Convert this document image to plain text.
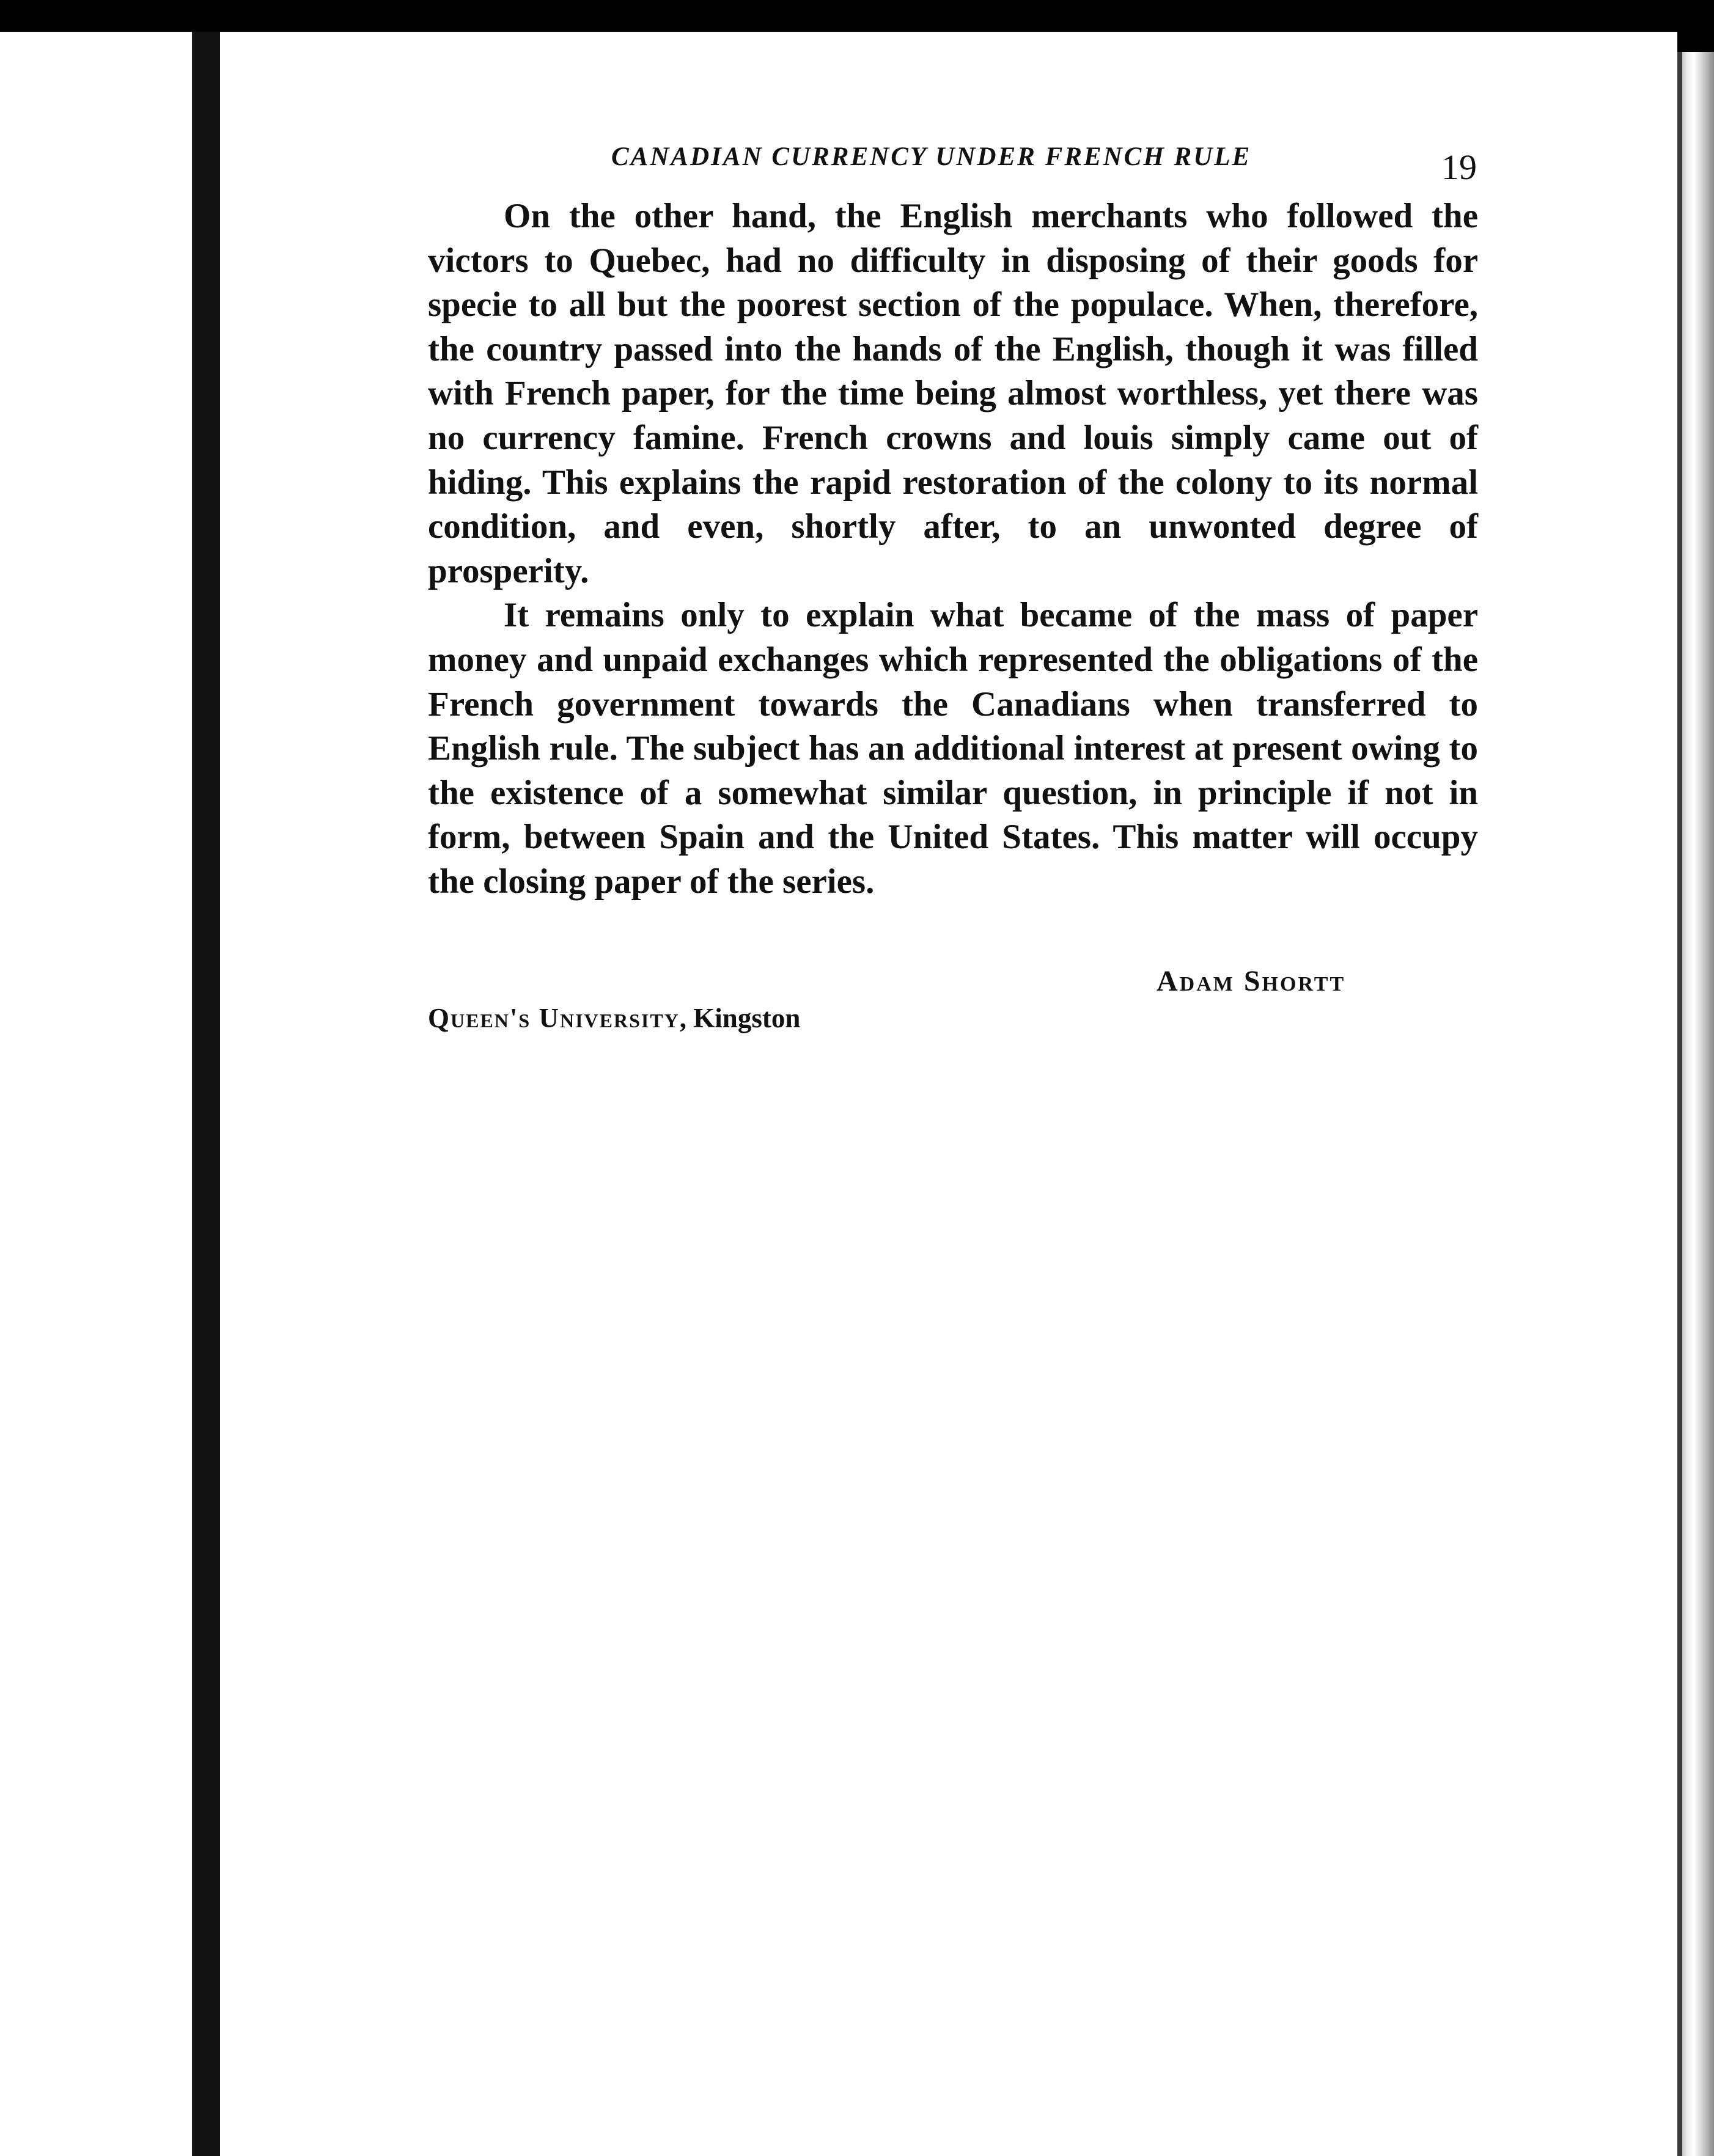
CANADIAN CURRENCY UNDER FRENCH RULE	19

On the other hand, the English merchants who followed the victors to Quebec, had no difficulty in disposing of their goods for specie to all but the poorest section of the populace. When, therefore, the country passed into the hands of the English, though it was filled with French paper, for the time being almost worthless, yet there was no currency famine. French crowns and louis simply came out of hiding. This explains the rapid restoration of the colony to its normal condition, and even, shortly after, to an unwonted degree of prosperity.

It remains only to explain what became of the mass of paper money and unpaid exchanges which represented the obligations of the French government towards the Canadians when transferred to English rule. The subject has an additional interest at present owing to the existence of a somewhat similar question, in principle if not in form, between Spain and the United States. This matter will occupy the closing paper of the series.

Adam Shortt
Queen's University, Kingston
